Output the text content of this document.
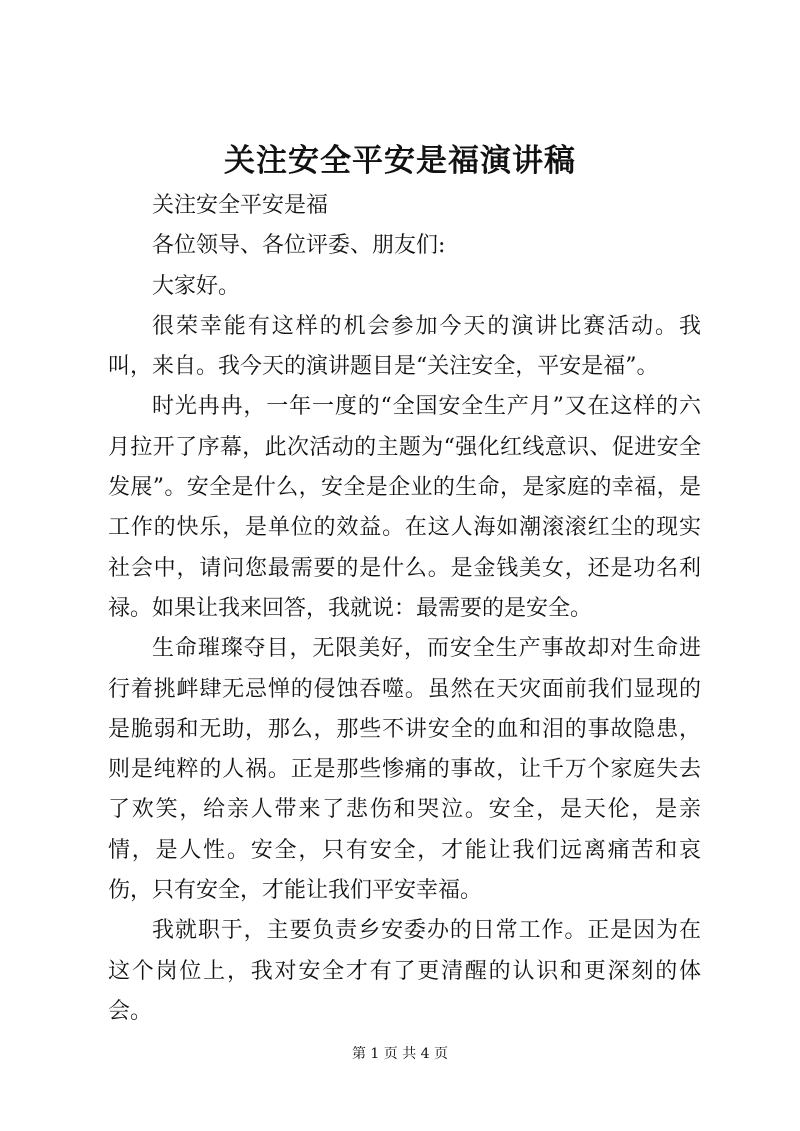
关注安全平安是福演讲稿

关注安全平安是福

各位领导、各位评委、朋友们:

大家好。

很荣幸能有这样的机会参加今天的演讲比赛活动。我叫，来自。我今天的演讲题目是“关注安全，平安是福”。

时光冉冉，一年一度的“全国安全生产月”又在这样的六月拉开了序幕，此次活动的主题为“强化红线意识、促进安全发展”。安全是什么，安全是企业的生命，是家庭的幸福，是工作的快乐，是单位的效益。在这人海如潮滚滚红尘的现实社会中，请问您最需要的是什么。是金钱美女，还是功名利禄。如果让我来回答，我就说：最需要的是安全。

生命璀璨夺目，无限美好，而安全生产事故却对生命进行着挑衅肆无忌惮的侵蚀吞噬。虽然在天灾面前我们显现的是脆弱和无助，那么，那些不讲安全的血和泪的事故隐患，则是纯粹的人祸。正是那些惨痛的事故，让千万个家庭失去了欢笑，给亲人带来了悲伤和哭泣。安全，是天伦，是亲情，是人性。安全，只有安全，才能让我们远离痛苦和哀伤，只有安全，才能让我们平安幸福。

我就职于，主要负责乡安委办的日常工作。正是因为在这个岗位上，我对安全才有了更清醒的认识和更深刻的体会。

第 1 页 共 4 页
